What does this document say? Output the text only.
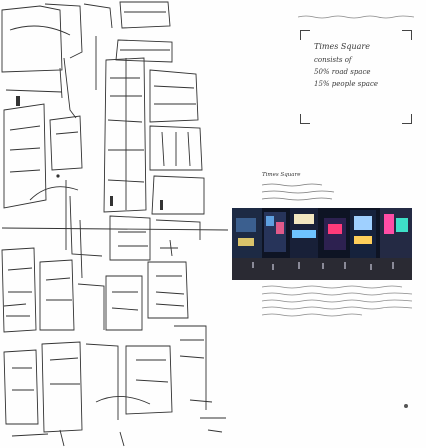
Times Square
consists of
50% road space
15% people space
Times Square
